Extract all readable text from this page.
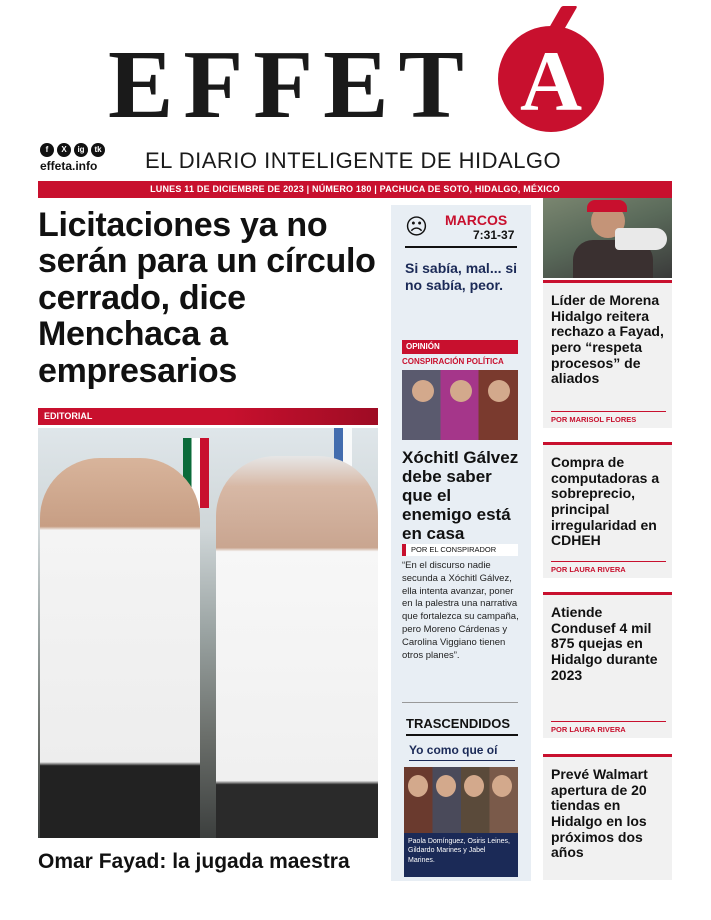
EFFET A
f	X	ig	tk
effeta.info EL DIARIO INTELIGENTE DE HIDALGO
LUNES 11 DE DICIEMBRE DE 2023 | NÚMERO 180 | PACHUCA DE SOTO, HIDALGO, MÉXICO
Licitaciones ya no serán para un círculo cerrado, dice Menchaca a empresarios
EDITORIAL
Omar Fayad: la jugada maestra
☹	MARCOS
7:31-37
Si sabía, mal... si no sabía, peor.
OPINIÓN
CONSPIRACIÓN POLÍTICA
Xóchitl Gálvez debe saber que el enemigo está en casa
POR EL CONSPIRADOR
“En el discurso nadie secunda a Xóchitl Gálvez, ella intenta avanzar, poner en la palestra una narrativa que fortalezca su campaña, pero Moreno Cárdenas y Carolina Viggiano tienen otros planes”.
TRASCENDIDOS
Yo como que oí
Paola Domínguez, Osiris Leines, Gildardo Marines y Jabel Marines.
Líder de Morena Hidalgo reitera rechazo a Fayad, pero “respeta procesos” de aliados
POR MARISOL FLORES
Compra de computadoras a sobreprecio, principal irregularidad en CDHEH
POR LAURA RIVERA
Atiende Condusef 4 mil 875 quejas en Hidalgo durante 2023
POR LAURA RIVERA
Prevé Walmart apertura de 20 tiendas en Hidalgo en los próximos dos años
